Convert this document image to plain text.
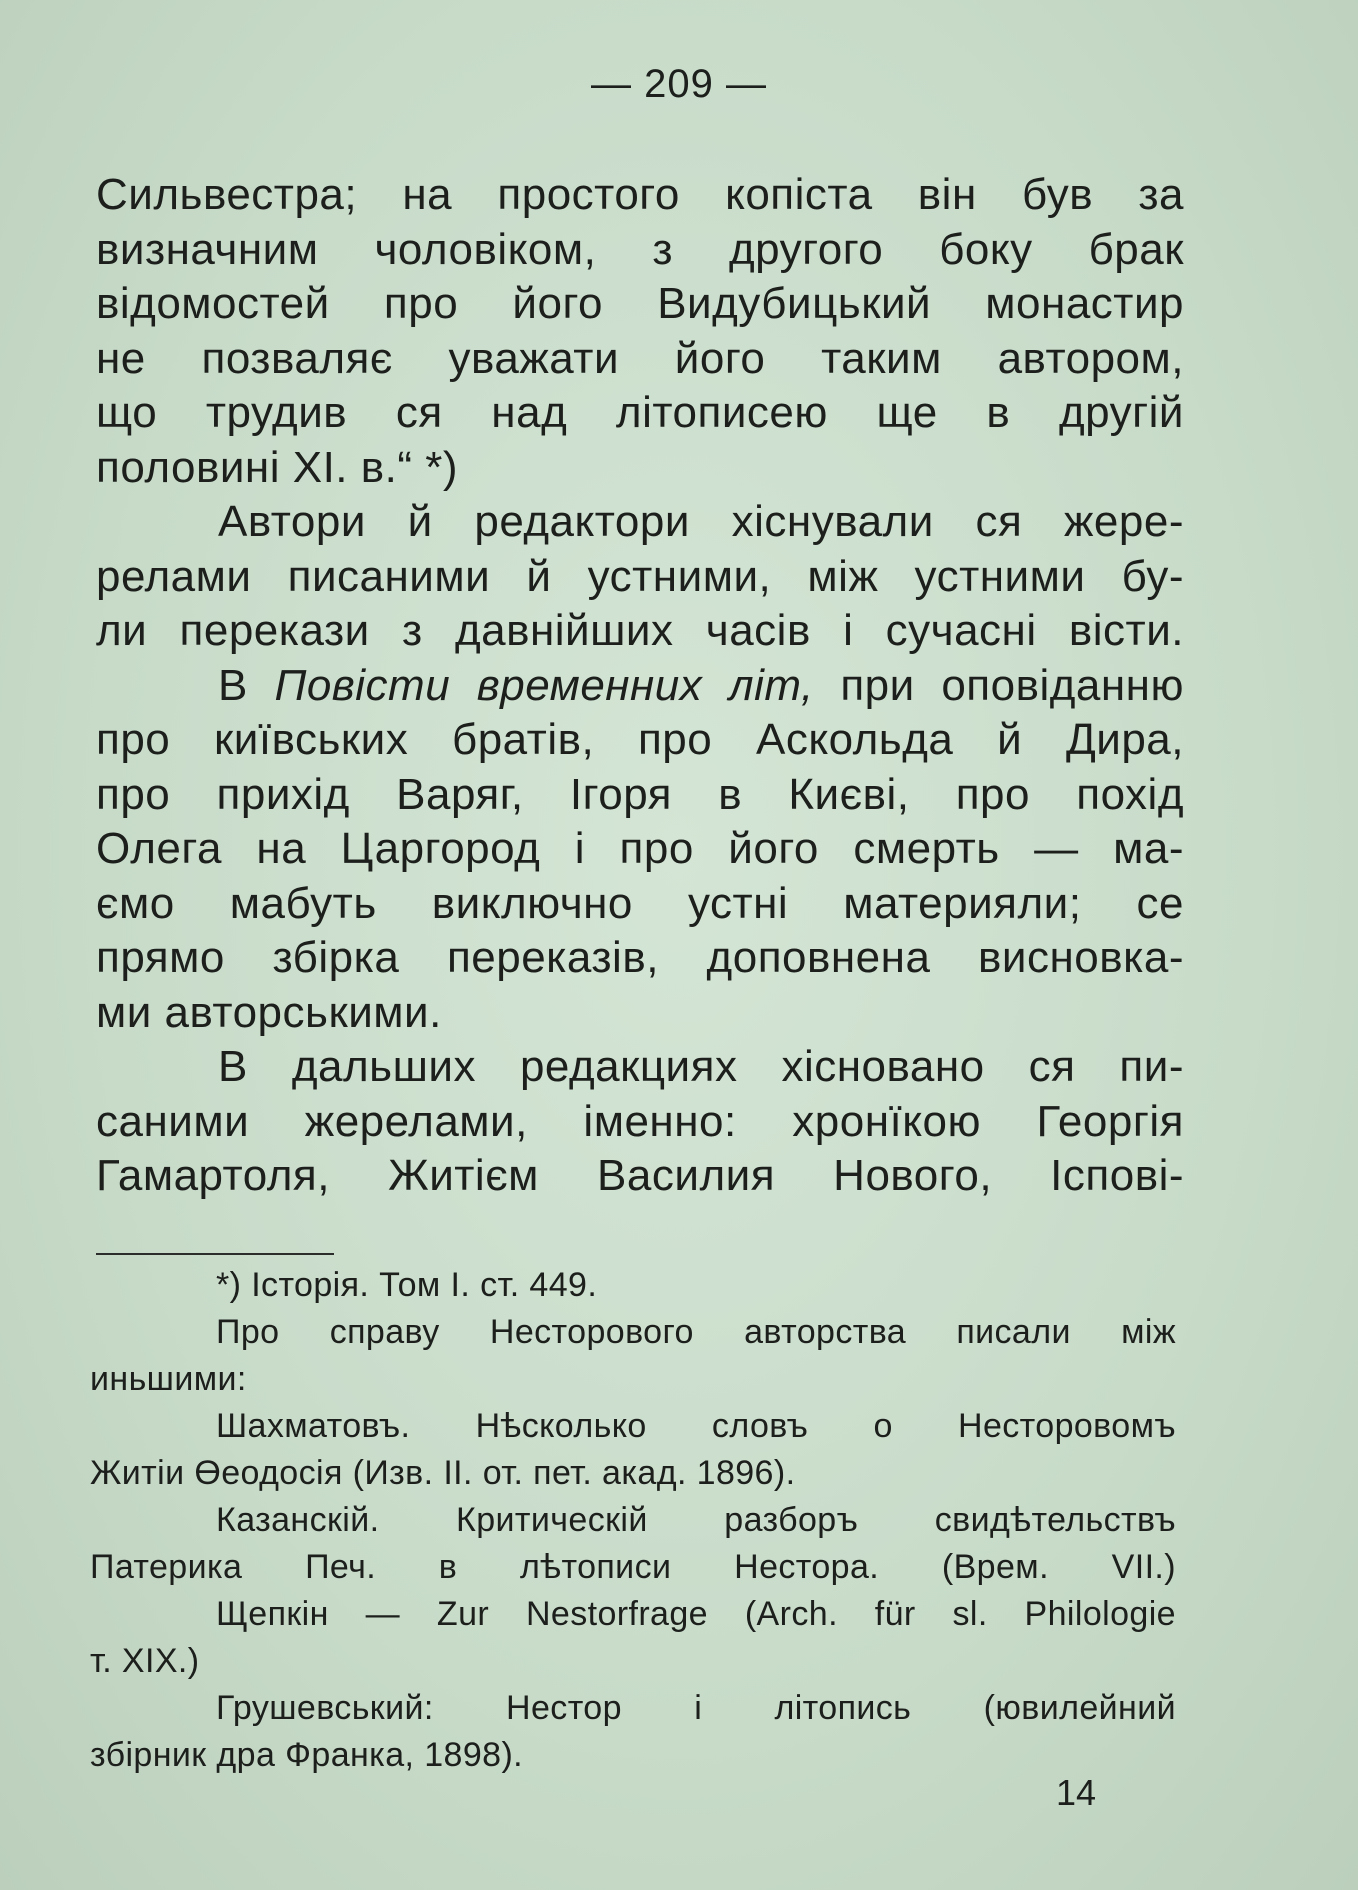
— 209 —
Сильвестра; на простого копіста він був за
визначним чоловіком, з другого боку брак
відомостей про його Видубицький монастир
не позваляє уважати його таким автором,
що трудив ся над літописею ще в другій
половині XI. в.“ *)
Автори й редактори хіснували ся жере-
релами писаними й устними, між устними бу-
ли перекази з давнійших часів і сучасні вісти.
В Повісти временних літ, при оповіданню
про київських братів, про Аскольда й Дира,
про прихід Варяг, Ігоря в Києві, про похід
Олега на Царгород і про його смерть — ма-
ємо мабуть виключно устні материяли; се
прямо збірка переказів, доповнена висновка-
ми авторськими.
В дальших редакциях хісновано ся пи-
саними жерелами, іменно: хронїкою Георгія
Гамартоля, Житієм Василия Нового, Іспові-
*) Історія. Том I. ст. 449.
Про справу Несторового авторства писали між
иньшими:
Шахматовъ. Нѣсколько словъ о Несторовомъ
Житіи Өеодосія (Изв. II. от. пет. акад. 1896).
Казанскій. Критическій разборъ свидѣтельствъ
Патерика Печ. в лѣтописи Нестора. (Врем. VII.)
Щепкін — Zur Nestorfrage (Arch. für sl. Philologie
т. XIX.)
Грушевський: Нестор і літопись (ювилейний
збірник дра Франка, 1898).
14
